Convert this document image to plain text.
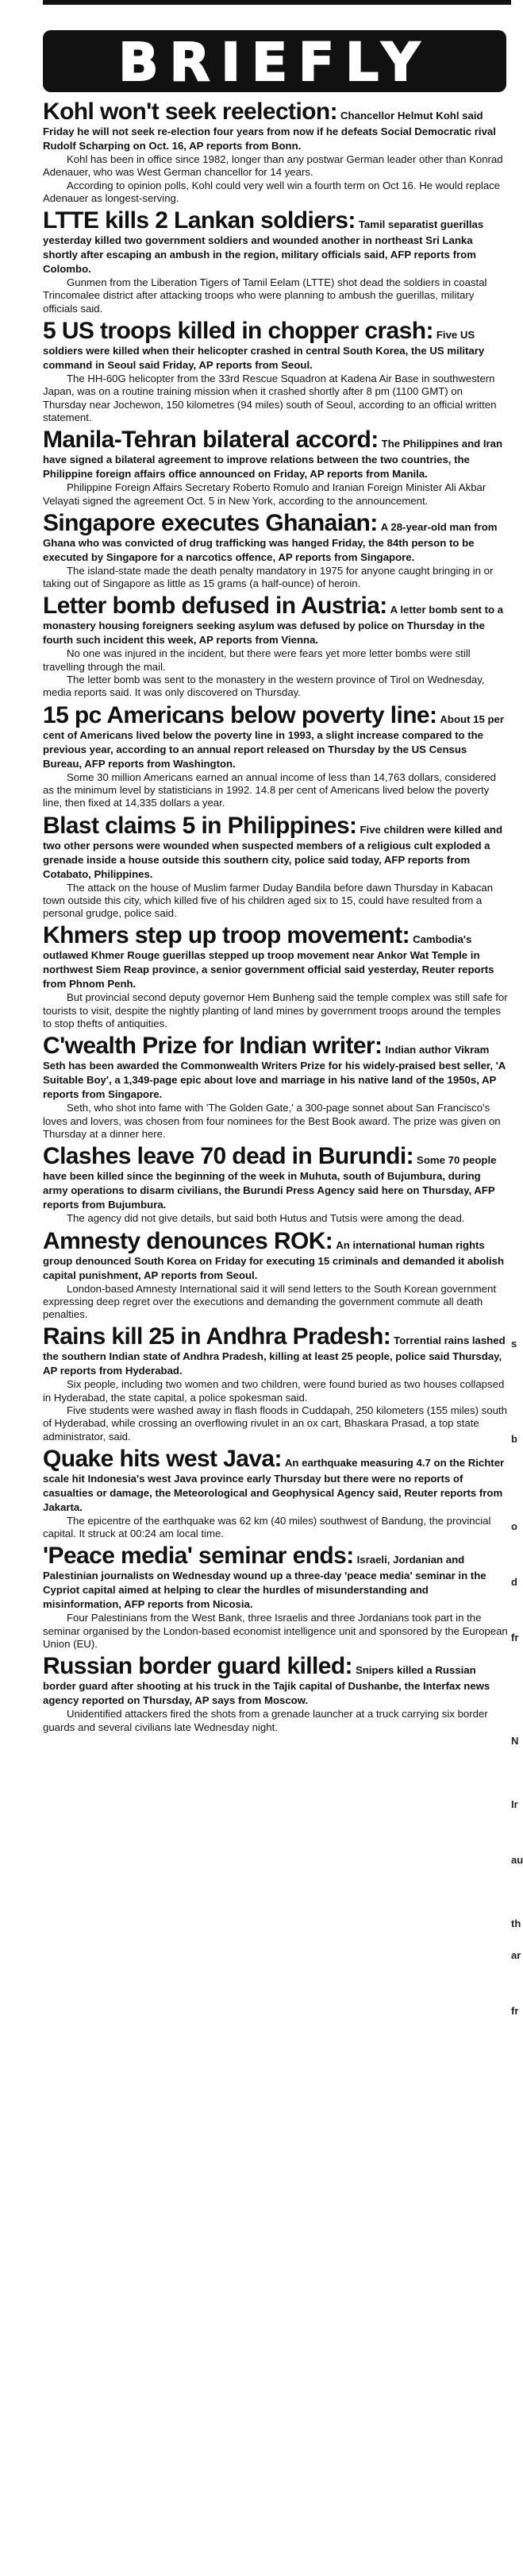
BRIEFLY
Kohl won't seek reelection: Chancellor Helmut Kohl said Friday he will not seek re-election four years from now if he defeats Social Democratic rival Rudolf Scharping on Oct. 16, AP reports from Bonn.

Kohl has been in office since 1982, longer than any postwar German leader other than Konrad Adenauer, who was West German chancellor for 14 years.

According to opinion polls, Kohl could very well win a fourth term on Oct 16. He would replace Adenauer as longest-serving.

LTTE kills 2 Lankan soldiers: Tamil separatist guerillas yesterday killed two government soldiers and wounded another in northeast Sri Lanka shortly after escaping an ambush in the region, military officials said, AFP reports from Colombo.

Gunmen from the Liberation Tigers of Tamil Eelam (LTTE) shot dead the soldiers in coastal Trincomalee district after attacking troops who were planning to ambush the guerillas, military officials said.

5 US troops killed in chopper crash: Five US soldiers were killed when their helicopter crashed in central South Korea, the US military command in Seoul said Friday, AP reports from Seoul.

The HH-60G helicopter from the 33rd Rescue Squadron at Kadena Air Base in southwestern Japan, was on a routine training mission when it crashed shortly after 8 pm (1100 GMT) on Thursday near Jochewon, 150 kilometres (94 miles) south of Seoul, according to an official written statement.

Manila-Tehran bilateral accord: The Philippines and Iran have signed a bilateral agreement to improve relations between the two countries, the Philippine foreign affairs office announced on Friday, AP reports from Manila.

Philippine Foreign Affairs Secretary Roberto Romulo and Iranian Foreign Minister Ali Akbar Velayati signed the agreement Oct. 5 in New York, according to the announcement.

Singapore executes Ghanaian: A 28-year-old man from Ghana who was convicted of drug trafficking was hanged Friday, the 84th person to be executed by Singapore for a narcotics offence, AP reports from Singapore.

The island-state made the death penalty mandatory in 1975 for anyone caught bringing in or taking out of Singapore as little as 15 grams (a half-ounce) of heroin.

Letter bomb defused in Austria: A letter bomb sent to a monastery housing foreigners seeking asylum was defused by police on Thursday in the fourth such incident this week, AP reports from Vienna.

No one was injured in the incident, but there were fears yet more letter bombs were still travelling through the mail.

The letter bomb was sent to the monastery in the western province of Tirol on Wednesday, media reports said. It was only discovered on Thursday.

15 pc Americans below poverty line: About 15 per cent of Americans lived below the poverty line in 1993, a slight increase compared to the previous year, according to an annual report released on Thursday by the US Census Bureau, AFP reports from Washington.

Some 30 million Americans earned an annual income of less than 14,763 dollars, considered as the minimum level by statisticians in 1992. 14.8 per cent of Americans lived below the poverty line, then fixed at 14,335 dollars a year.

Blast claims 5 in Philippines: Five children were killed and two other persons were wounded when suspected members of a religious cult exploded a grenade inside a house outside this southern city, police said today, AFP reports from Cotabato, Philippines.

The attack on the house of Muslim farmer Duday Bandila before dawn Thursday in Kabacan town outside this city, which killed five of his children aged six to 15, could have resulted from a personal grudge, police said.

Khmers step up troop movement: Cambodia's outlawed Khmer Rouge guerillas stepped up troop movement near Ankor Wat Temple in northwest Siem Reap province, a senior government official said yesterday, Reuter reports from Phnom Penh.

But provincial second deputy governor Hem Bunheng said the temple complex was still safe for tourists to visit, despite the nightly planting of land mines by government troops around the temples to stop thefts of antiquities.

C'wealth Prize for Indian writer: Indian author Vikram Seth has been awarded the Commonwealth Writers Prize for his widely-praised best seller, 'A Suitable Boy', a 1,349-page epic about love and marriage in his native land of the 1950s, AP reports from Singapore.

Seth, who shot into fame with 'The Golden Gate,' a 300-page sonnet about San Francisco's loves and lovers, was chosen from four nominees for the Best Book award. The prize was given on Thursday at a dinner here.

Clashes leave 70 dead in Burundi: Some 70 people have been killed since the beginning of the week in Muhuta, south of Bujumbura, during army operations to disarm civilians, the Burundi Press Agency said here on Thursday, AFP reports from Bujumbura.

The agency did not give details, but said both Hutus and Tutsis were among the dead.

Amnesty denounces ROK: An international human rights group denounced South Korea on Friday for executing 15 criminals and demanded it abolish capital punishment, AP reports from Seoul.

London-based Amnesty International said it will send letters to the South Korean government expressing deep regret over the executions and demanding the government commute all death penalties.

Rains kill 25 in Andhra Pradesh: Torrential rains lashed the southern Indian state of Andhra Pradesh, killing at least 25 people, police said Thursday, AP reports from Hyderabad.

Six people, including two women and two children, were found buried as two houses collapsed in Hyderabad, the state capital, a police spokesman said.

Five students were washed away in flash floods in Cuddapah, 250 kilometers (155 miles) south of Hyderabad, while crossing an overflowing rivulet in an ox cart, Bhaskara Prasad, a top state administrator, said.

Quake hits west Java: An earthquake measuring 4.7 on the Richter scale hit Indonesia's west Java province early Thursday but there were no reports of casualties or damage, the Meteorological and Geophysical Agency said, Reuter reports from Jakarta.

The epicentre of the earthquake was 62 km (40 miles) southwest of Bandung, the provincial capital. It struck at 00:24 am local time.

'Peace media' seminar ends: Israeli, Jordanian and Palestinian journalists on Wednesday wound up a three-day 'peace media' seminar in the Cypriot capital aimed at helping to clear the hurdles of misunderstanding and misinformation, AFP reports from Nicosia.

Four Palestinians from the West Bank, three Israelis and three Jordanians took part in the seminar organised by the London-based economist intelligence unit and sponsored by the European Union (EU).

Russian border guard killed: Snipers killed a Russian border guard after shooting at his truck in the Tajik capital of Dushanbe, the Interfax news agency reported on Thursday, AP says from Moscow.

Unidentified attackers fired the shots from a grenade launcher at a truck carrying six border guards and several civilians late Wednesday night.

s
b
o
d
fr
N
Ir
au
th
ar
fr
